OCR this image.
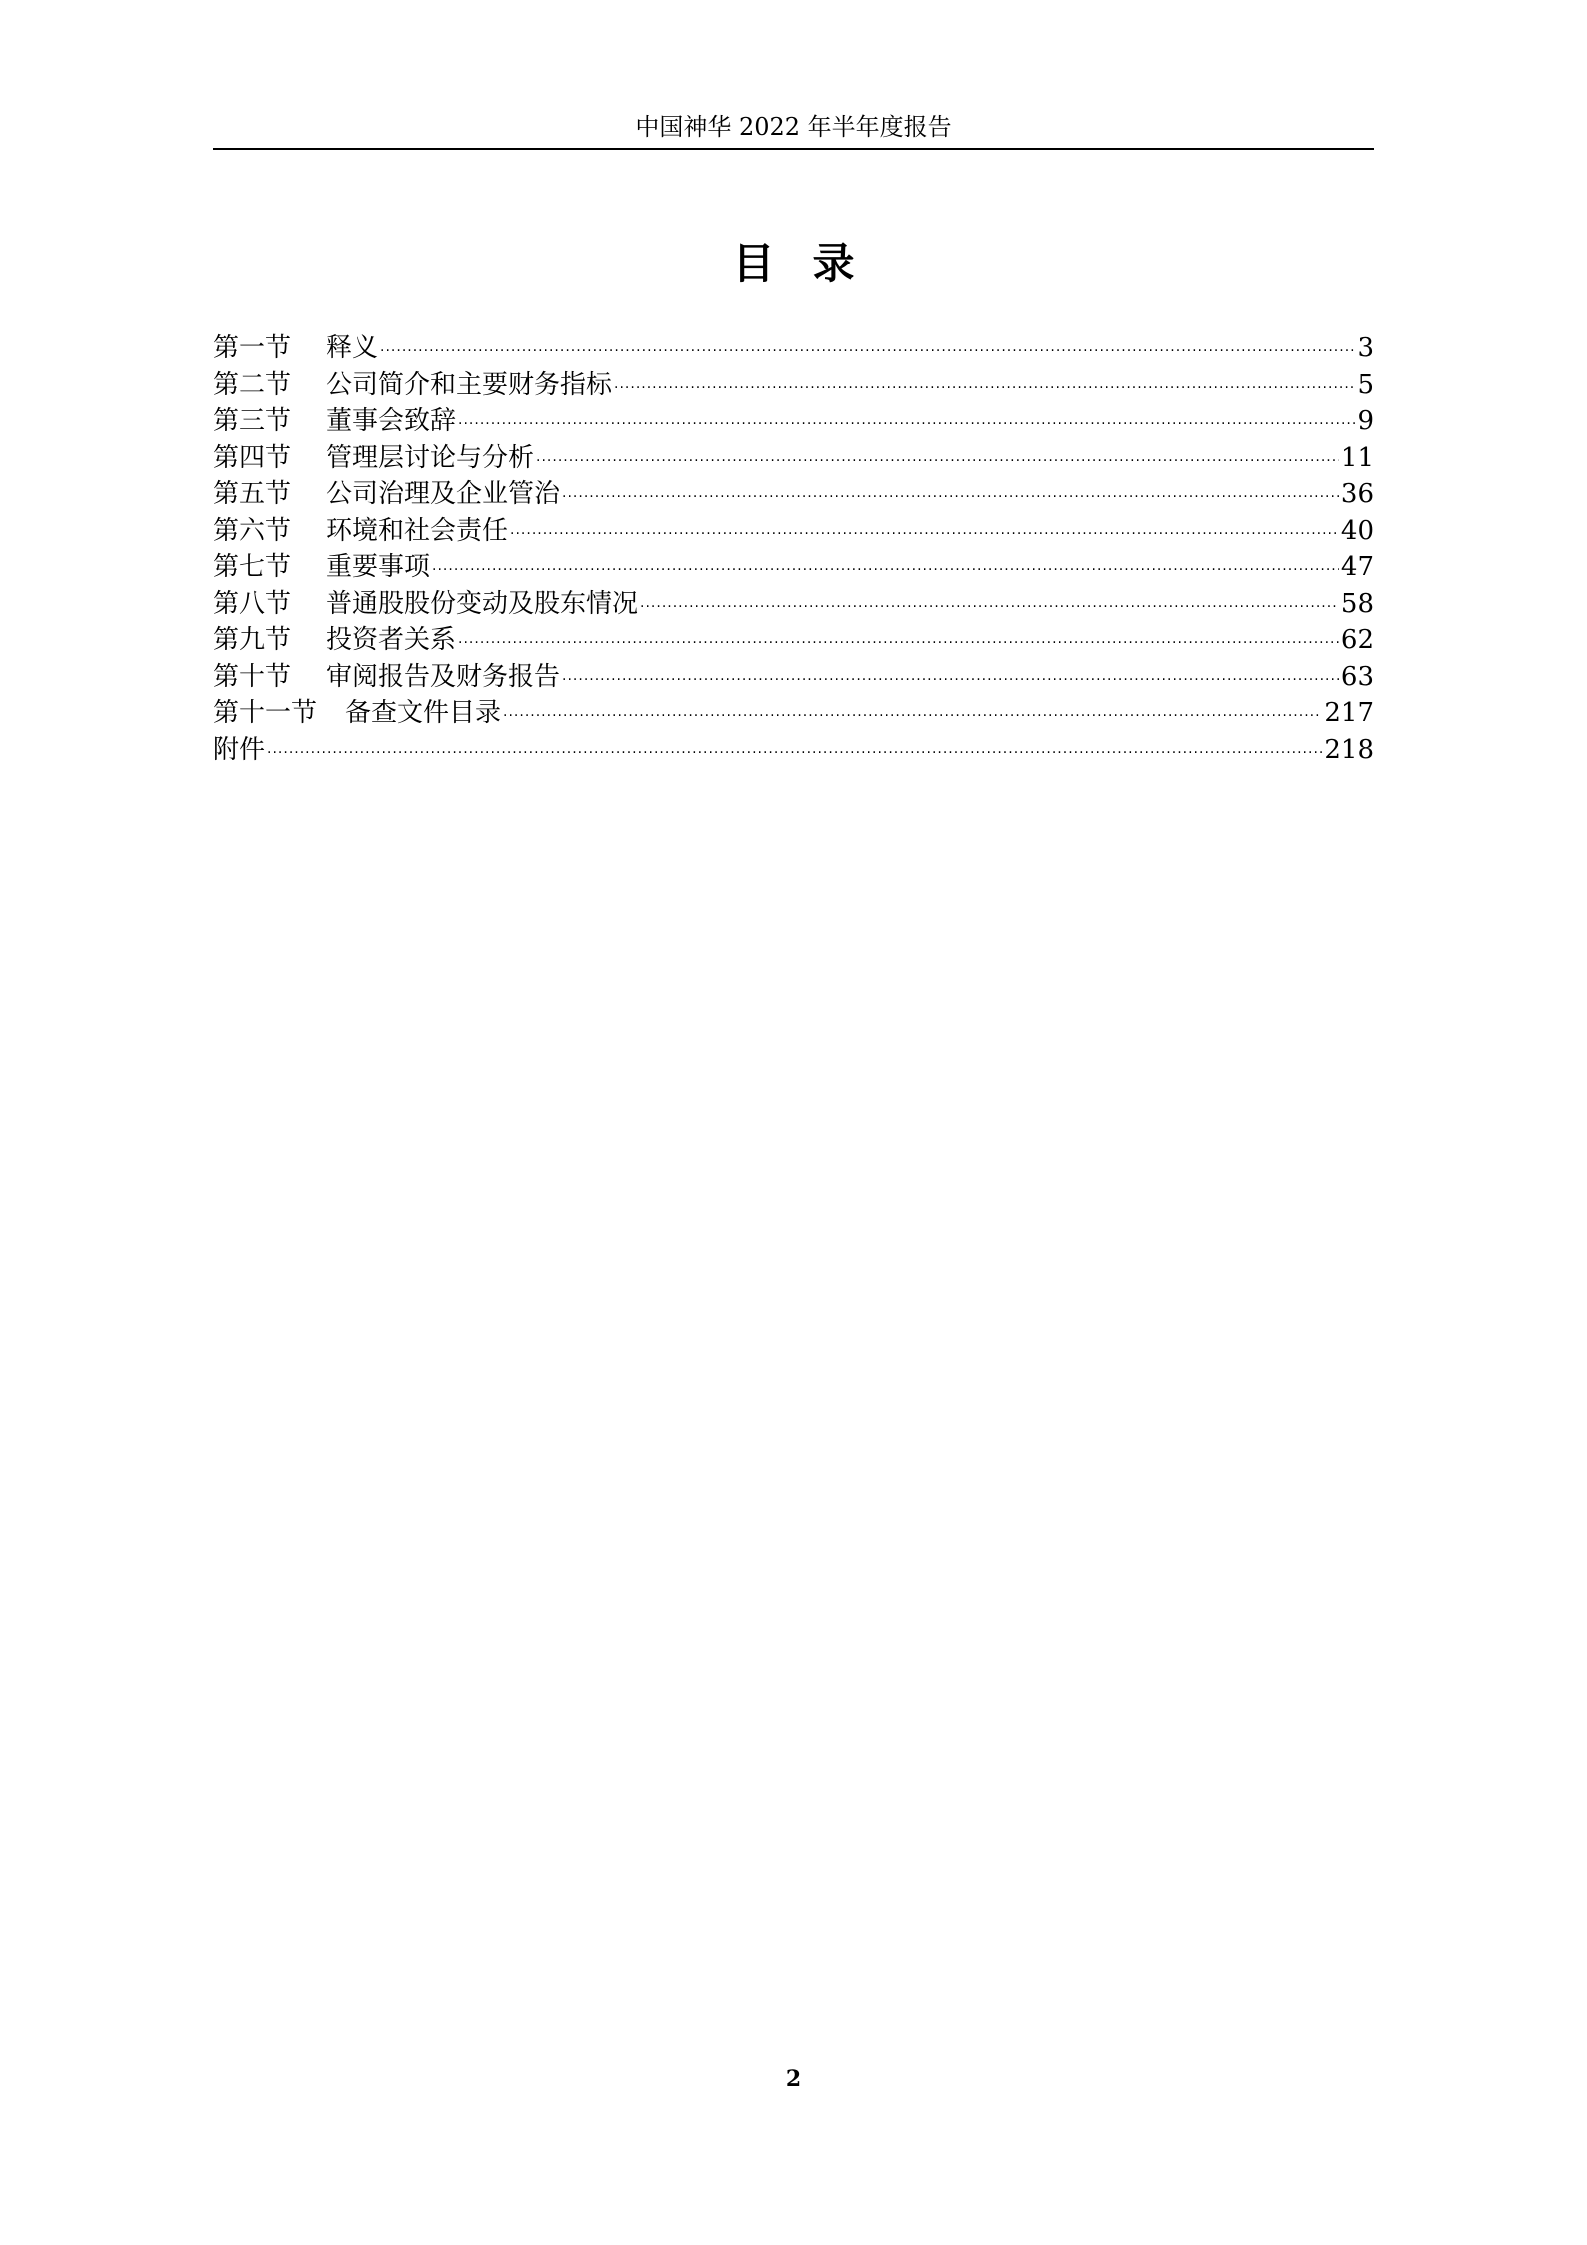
中国神华 2022 年半年度报告
目 录
第一节	释义 .....	3
第二节	公司简介和主要财务指标 .....	5
第三节	董事会致辞 .....	9
第四节	管理层讨论与分析 .....	11
第五节	公司治理及企业管治 .....	36
第六节	环境和社会责任 .....	40
第七节	重要事项 .....	47
第八节	普通股股份变动及股东情况 .....	58
第九节	投资者关系 .....	62
第十节	审阅报告及财务报告 .....	63
第十一节	备查文件目录 .....	217
附件 .....	218
2
